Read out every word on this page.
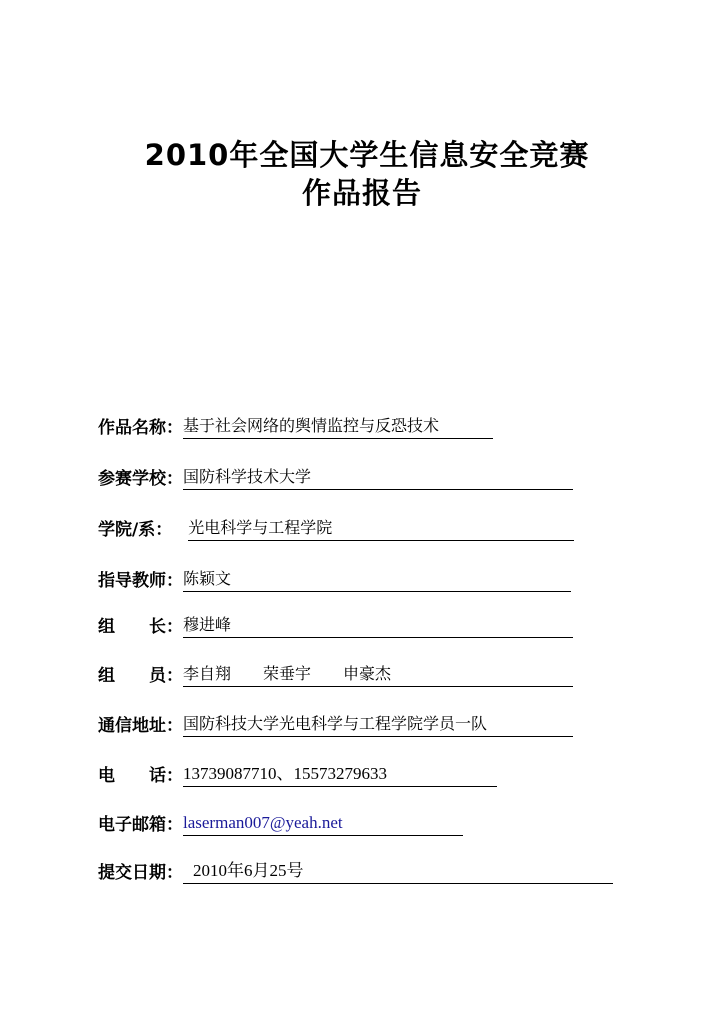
2010年全国大学生信息安全竞赛
作品报告
作品名称： 基于社会网络的舆情监控与反恐技术
参赛学校： 国防科学技术大学
学院/系： 光电科学与工程学院
指导教师： 陈颖文
组　　长： 穆进峰
组　　员： 李自翔　　荣垂宇　　申豪杰
通信地址： 国防科技大学光电科学与工程学院学员一队
电　　话： 13739087710、15573279633
电子邮箱： laserman007@yeah.net
提交日期： 2010年6月25号
